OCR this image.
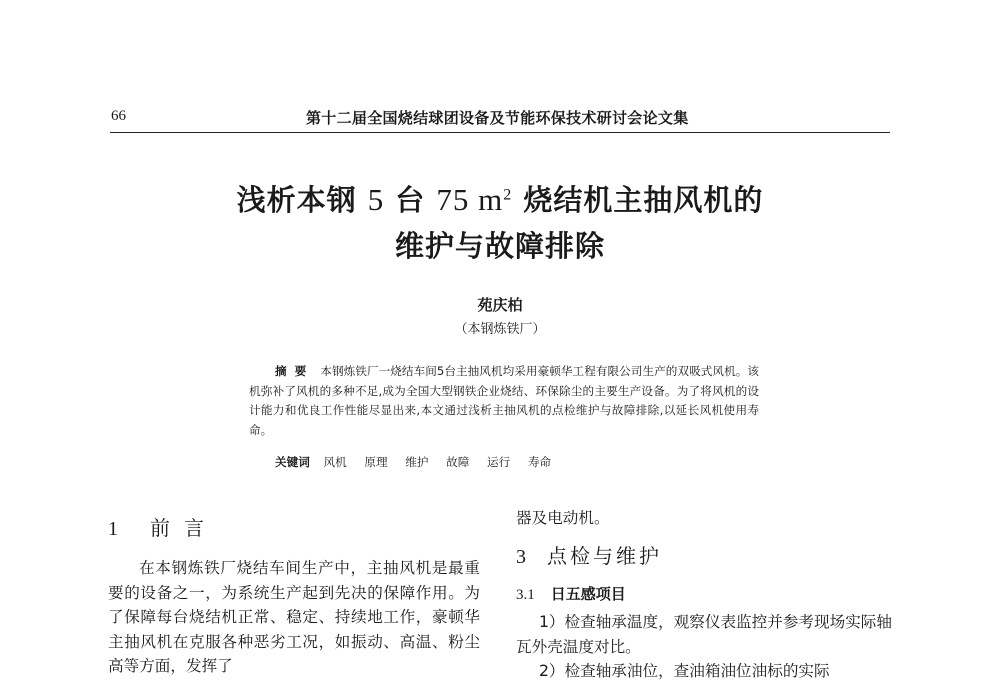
66	第十二届全国烧结球团设备及节能环保技术研讨会论文集
浅析本钢 5 台 75 $m^2$ 烧结机主抽风机的
维护与故障排除
苑庆柏
（本钢炼铁厂）
摘要 本钢炼铁厂一烧结车间5台主抽风机均采用豪顿华工程有限公司生产的双吸式风机。该机弥补了风机的多种不足,成为全国大型钢铁企业烧结、环保除尘的主要生产设备。为了将风机的设计能力和优良工作性能尽显出来,本文通过浅析主抽风机的点检维护与故障排除,以延长风机使用寿命。
关键词 风机 原理 维护 故障 运行 寿命
1 前言

在本钢炼铁厂烧结车间生产中，主抽风机是最重要的设备之一，为系统生产起到先决的保障作用。为了保障每台烧结机正常、稳定、持续地工作，豪顿华主抽风机在克服各种恶劣工况，如振动、高温、粉尘高等方面，发挥了

器及电动机。
3 点检与维护
3.1 日五感项目

1）检查轴承温度，观察仪表监控并参考现场实际轴瓦外壳温度对比。

2）检查轴承油位，查油箱油位油标的实际
